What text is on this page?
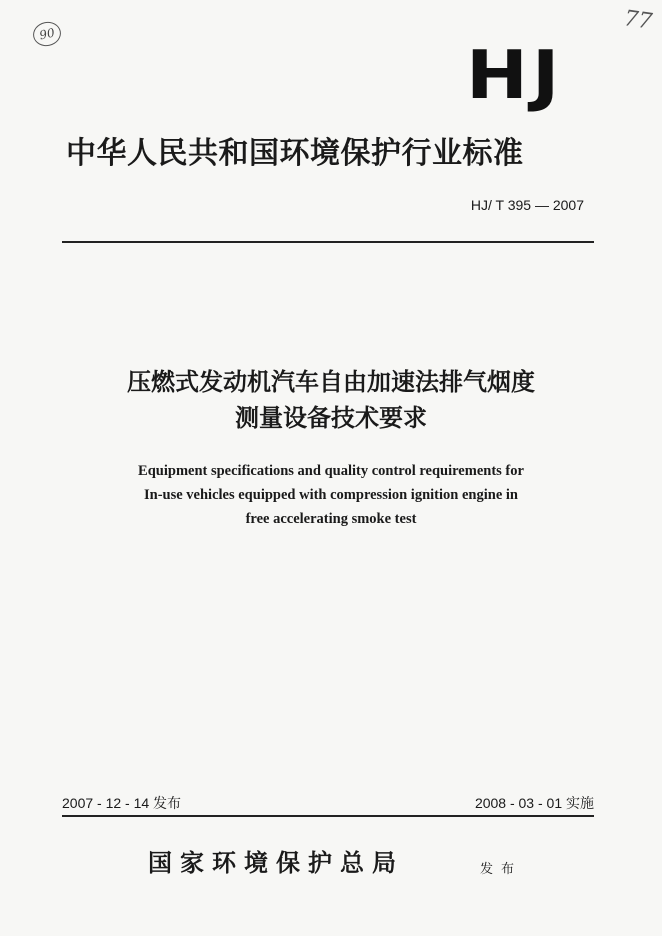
90	77
HJ
中华人民共和国环境保护行业标准
HJ/ T 395 — 2007
压燃式发动机汽车自由加速法排气烟度
测量设备技术要求
Equipment specifications and quality control requirements for
In-use vehicles equipped with compression ignition engine in
free accelerating smoke test
2007 - 12 - 14 发布	2008 - 03 - 01 实施
国家环境保护总局	发布
